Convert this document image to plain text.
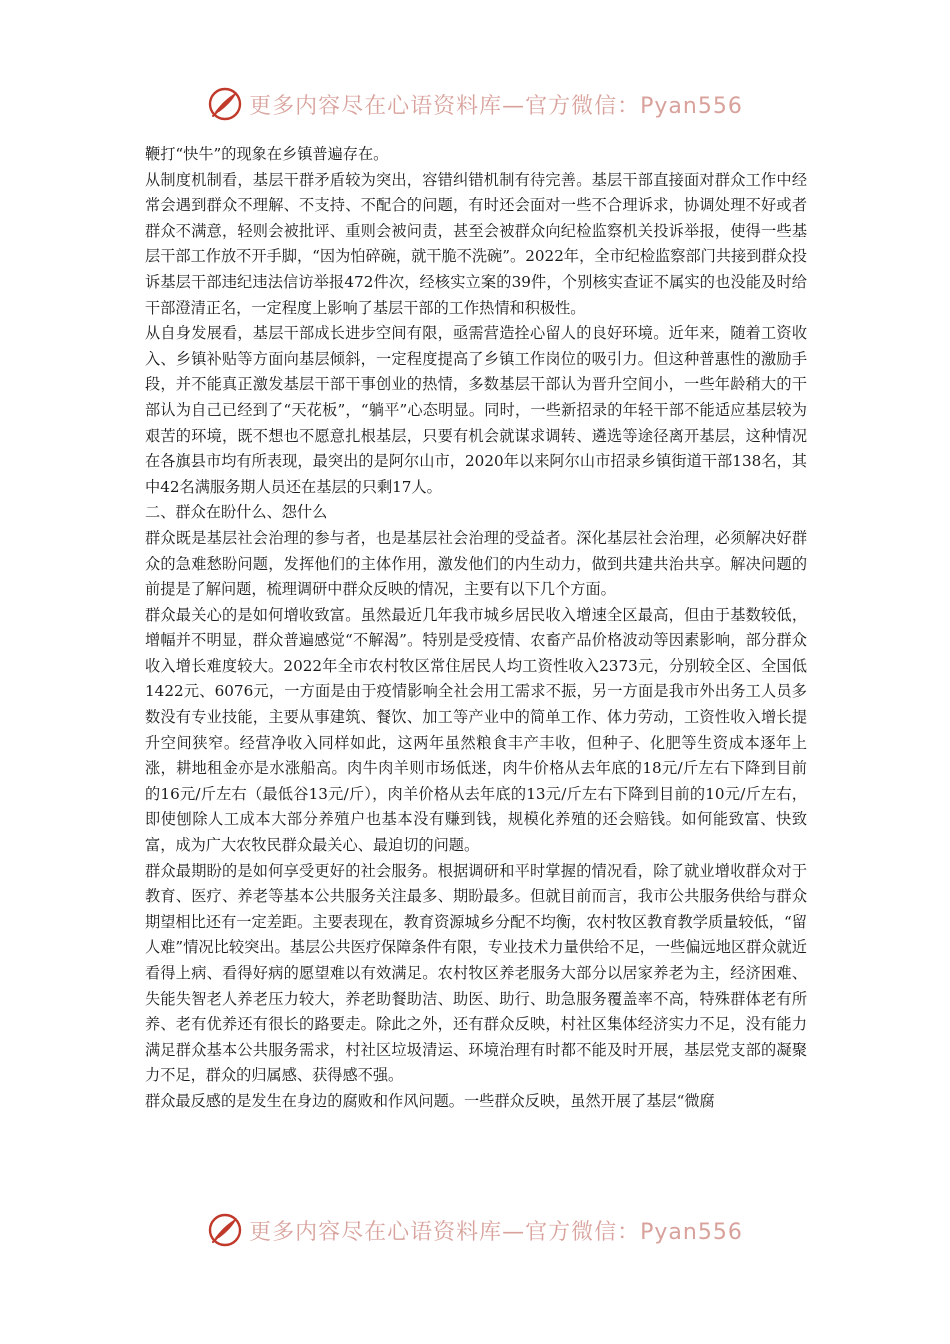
更多内容尽在心语资料库—官方微信：Pyan556

鞭打“快牛”的现象在乡镇普遍存在。

从制度机制看，基层干群矛盾较为突出，容错纠错机制有待完善。基层干部直接面对群众工作中经常会遇到群众不理解、不支持、不配合的问题，有时还会面对一些不合理诉求，协调处理不好或者群众不满意，轻则会被批评、重则会被问责，甚至会被群众向纪检监察机关投诉举报，使得一些基层干部工作放不开手脚，“因为怕碎碗，就干脆不洗碗”。2022年，全市纪检监察部门共接到群众投诉基层干部违纪违法信访举报472件次，经核实立案的39件，个别核实查证不属实的也没能及时给干部澄清正名，一定程度上影响了基层干部的工作热情和积极性。

从自身发展看，基层干部成长进步空间有限，亟需营造拴心留人的良好环境。近年来，随着工资收入、乡镇补贴等方面向基层倾斜，一定程度提高了乡镇工作岗位的吸引力。但这种普惠性的激励手段，并不能真正激发基层干部干事创业的热情，多数基层干部认为晋升空间小，一些年龄稍大的干部认为自己已经到了“天花板”，“躺平”心态明显。同时，一些新招录的年轻干部不能适应基层较为艰苦的环境，既不想也不愿意扎根基层，只要有机会就谋求调转、遴选等途径离开基层，这种情况在各旗县市均有所表现，最突出的是阿尔山市，2020年以来阿尔山市招录乡镇街道干部138名，其中42名满服务期人员还在基层的只剩17人。

二、群众在盼什么、怨什么

群众既是基层社会治理的参与者，也是基层社会治理的受益者。深化基层社会治理，必须解决好群众的急难愁盼问题，发挥他们的主体作用，激发他们的内生动力，做到共建共治共享。解决问题的前提是了解问题，梳理调研中群众反映的情况，主要有以下几个方面。

群众最关心的是如何增收致富。虽然最近几年我市城乡居民收入增速全区最高，但由于基数较低，增幅并不明显，群众普遍感觉“不解渴”。特别是受疫情、农畜产品价格波动等因素影响，部分群众收入增长难度较大。2022年全市农村牧区常住居民人均工资性收入2373元，分别较全区、全国低1422元、6076元，一方面是由于疫情影响全社会用工需求不振，另一方面是我市外出务工人员多数没有专业技能，主要从事建筑、餐饮、加工等产业中的简单工作、体力劳动，工资性收入增长提升空间狭窄。经营净收入同样如此，这两年虽然粮食丰产丰收，但种子、化肥等生资成本逐年上涨，耕地租金亦是水涨船高。肉牛肉羊则市场低迷，肉牛价格从去年底的18元/斤左右下降到目前的16元/斤左右（最低谷13元/斤），肉羊价格从去年底的13元/斤左右下降到目前的10元/斤左右，即使刨除人工成本大部分养殖户也基本没有赚到钱，规模化养殖的还会赔钱。如何能致富、快致富，成为广大农牧民群众最关心、最迫切的问题。

群众最期盼的是如何享受更好的社会服务。根据调研和平时掌握的情况看，除了就业增收群众对于教育、医疗、养老等基本公共服务关注最多、期盼最多。但就目前而言，我市公共服务供给与群众期望相比还有一定差距。主要表现在，教育资源城乡分配不均衡，农村牧区教育教学质量较低，“留人难”情况比较突出。基层公共医疗保障条件有限，专业技术力量供给不足，一些偏远地区群众就近看得上病、看得好病的愿望难以有效满足。农村牧区养老服务大部分以居家养老为主，经济困难、失能失智老人养老压力较大，养老助餐助洁、助医、助行、助急服务覆盖率不高，特殊群体老有所养、老有优养还有很长的路要走。除此之外，还有群众反映，村社区集体经济实力不足，没有能力满足群众基本公共服务需求，村社区垃圾清运、环境治理有时都不能及时开展，基层党支部的凝聚力不足，群众的归属感、获得感不强。

群众最反感的是发生在身边的腐败和作风问题。一些群众反映，虽然开展了基层“微腐

更多内容尽在心语资料库—官方微信：Pyan556
